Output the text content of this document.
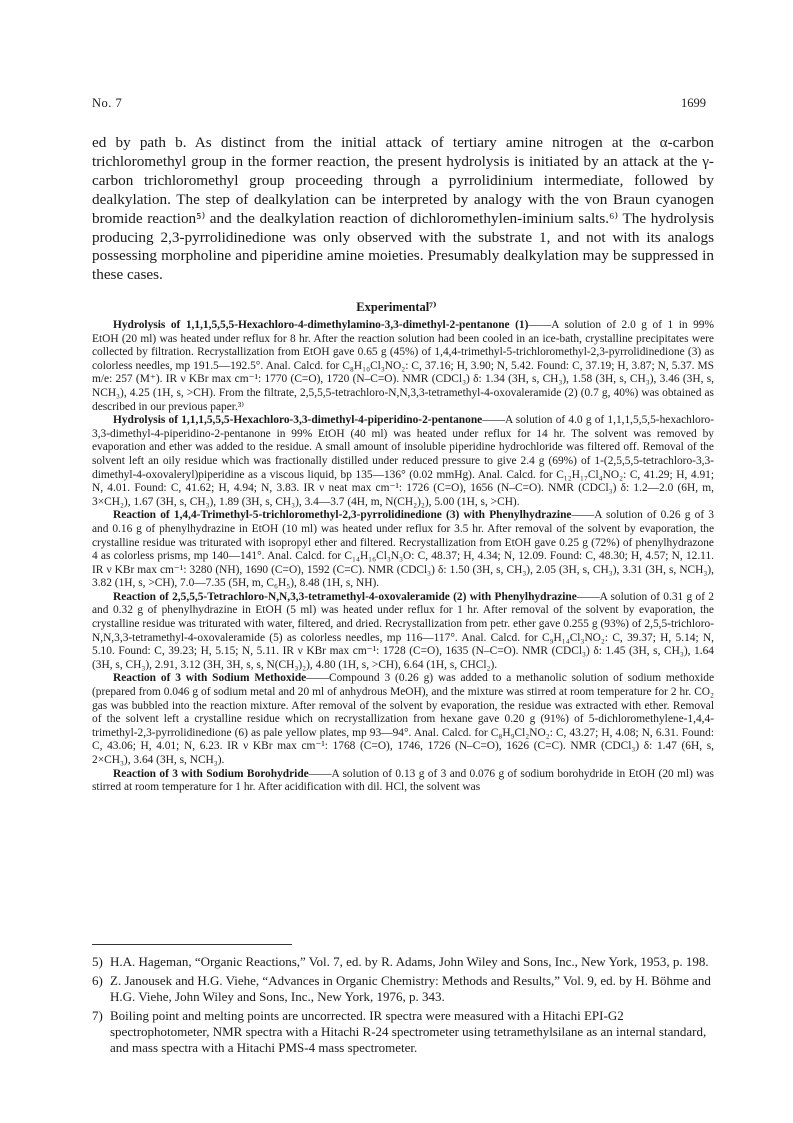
No. 7	1699
ed by path b. As distinct from the initial attack of tertiary amine nitrogen at the α-carbon trichloromethyl group in the former reaction, the present hydrolysis is initiated by an attack at the γ-carbon trichloromethyl group proceeding through a pyrrolidinium intermediate, followed by dealkylation. The step of dealkylation can be interpreted by analogy with the von Braun cyanogen bromide reaction⁵⁾ and the dealkylation reaction of dichloromethylen-iminium salts.⁶⁾ The hydrolysis producing 2,3-pyrrolidinedione was only observed with the substrate 1, and not with its analogs possessing morpholine and piperidine amine moieties. Presumably dealkylation may be suppressed in these cases.
Experimental⁷⁾

Hydrolysis of 1,1,1,5,5,5-Hexachloro-4-dimethylamino-3,3-dimethyl-2-pentanone (1)——A solution of 2.0 g of 1 in 99% EtOH (20 ml) was heated under reflux for 8 hr. After the reaction solution had been cooled in an ice-bath, crystalline precipitates were collected by filtration. Recrystallization from EtOH gave 0.65 g (45%) of 1,4,4-trimethyl-5-trichloromethyl-2,3-pyrrolidinedione (3) as colorless needles, mp 191.5—192.5°. Anal. Calcd. for C₈H₁₀Cl₃NO₂: C, 37.16; H, 3.90; N, 5.42. Found: C, 37.19; H, 3.87; N, 5.37. MS m/e: 257 (M⁺). IR ν KBr max cm⁻¹: 1770 (C=O), 1720 (N–C=O). NMR (CDCl₃) δ: 1.34 (3H, s, CH₃), 1.58 (3H, s, CH₃), 3.46 (3H, s, NCH₃), 4.25 (1H, s, >CH). From the filtrate, 2,5,5,5-tetrachloro-N,N,3,3-tetramethyl-4-oxovaleramide (2) (0.7 g, 40%) was obtained as described in our previous paper.³⁾

Hydrolysis of 1,1,1,5,5,5-Hexachloro-3,3-dimethyl-4-piperidino-2-pentanone——A solution of 4.0 g of 1,1,1,5,5,5-hexachloro-3,3-dimethyl-4-piperidino-2-pentanone in 99% EtOH (40 ml) was heated under reflux for 14 hr. The solvent was removed by evaporation and ether was added to the residue. A small amount of insoluble piperidine hydrochloride was filtered off. Removal of the solvent left an oily residue which was fractionally distilled under reduced pressure to give 2.4 g (69%) of 1-(2,5,5,5-tetrachloro-3,3-dimethyl-4-oxovaleryl)piperidine as a viscous liquid, bp 135—136° (0.02 mmHg). Anal. Calcd. for C₁₂H₁₇Cl₄NO₂: C, 41.29; H, 4.91; N, 4.01. Found: C, 41.62; H, 4.94; N, 3.83. IR ν neat max cm⁻¹: 1726 (C=O), 1656 (N–C=O). NMR (CDCl₃) δ: 1.2—2.0 (6H, m, 3×CH₂), 1.67 (3H, s, CH₃), 1.89 (3H, s, CH₃), 3.4—3.7 (4H, m, N(CH₂)₂), 5.00 (1H, s, >CH).

Reaction of 1,4,4-Trimethyl-5-trichloromethyl-2,3-pyrrolidinedione (3) with Phenylhydrazine——A solution of 0.26 g of 3 and 0.16 g of phenylhydrazine in EtOH (10 ml) was heated under reflux for 3.5 hr. After removal of the solvent by evaporation, the crystalline residue was triturated with isopropyl ether and filtered. Recrystallization from EtOH gave 0.25 g (72%) of phenylhydrazone 4 as colorless prisms, mp 140—141°. Anal. Calcd. for C₁₄H₁₆Cl₃N₃O: C, 48.37; H, 4.34; N, 12.09. Found: C, 48.30; H, 4.57; N, 12.11. IR ν KBr max cm⁻¹: 3280 (NH), 1690 (C=O), 1592 (C=C). NMR (CDCl₃) δ: 1.50 (3H, s, CH₃), 2.05 (3H, s, CH₃), 3.31 (3H, s, NCH₃), 3.82 (1H, s, >CH), 7.0—7.35 (5H, m, C₆H₅), 8.48 (1H, s, NH).

Reaction of 2,5,5,5-Tetrachloro-N,N,3,3-tetramethyl-4-oxovaleramide (2) with Phenylhydrazine——A solution of 0.31 g of 2 and 0.32 g of phenylhydrazine in EtOH (5 ml) was heated under reflux for 1 hr. After removal of the solvent by evaporation, the crystalline residue was triturated with water, filtered, and dried. Recrystallization from petr. ether gave 0.255 g (93%) of 2,5,5-trichloro-N,N,3,3-tetramethyl-4-oxovaleramide (5) as colorless needles, mp 116—117°. Anal. Calcd. for C₉H₁₄Cl₃NO₂: C, 39.37; H, 5.14; N, 5.10. Found: C, 39.23; H, 5.15; N, 5.11. IR ν KBr max cm⁻¹: 1728 (C=O), 1635 (N–C=O). NMR (CDCl₃) δ: 1.45 (3H, s, CH₃), 1.64 (3H, s, CH₃), 2.91, 3.12 (3H, 3H, s, s, N(CH₃)₂), 4.80 (1H, s, >CH), 6.64 (1H, s, CHCl₂).

Reaction of 3 with Sodium Methoxide——Compound 3 (0.26 g) was added to a methanolic solution of sodium methoxide (prepared from 0.046 g of sodium metal and 20 ml of anhydrous MeOH), and the mixture was stirred at room temperature for 2 hr. CO₂ gas was bubbled into the reaction mixture. After removal of the solvent by evaporation, the residue was extracted with ether. Removal of the solvent left a crystalline residue which on recrystallization from hexane gave 0.20 g (91%) of 5-dichloromethylene-1,4,4-trimethyl-2,3-pyrrolidinedione (6) as pale yellow plates, mp 93—94°. Anal. Calcd. for C₈H₉Cl₂NO₂: C, 43.27; H, 4.08; N, 6.31. Found: C, 43.06; H, 4.01; N, 6.23. IR ν KBr max cm⁻¹: 1768 (C=O), 1746, 1726 (N–C=O), 1626 (C=C). NMR (CDCl₃) δ: 1.47 (6H, s, 2×CH₃), 3.64 (3H, s, NCH₃).

Reaction of 3 with Sodium Borohydride——A solution of 0.13 g of 3 and 0.076 g of sodium borohydride in EtOH (20 ml) was stirred at room temperature for 1 hr. After acidification with dil. HCl, the solvent was

5) H.A. Hageman, “Organic Reactions,” Vol. 7, ed. by R. Adams, John Wiley and Sons, Inc., New York, 1953, p. 198.
6) Z. Janousek and H.G. Viehe, “Advances in Organic Chemistry: Methods and Results,” Vol. 9, ed. by H. Böhme and H.G. Viehe, John Wiley and Sons, Inc., New York, 1976, p. 343.
7) Boiling point and melting points are uncorrected. IR spectra were measured with a Hitachi EPI-G2 spectrophotometer, NMR spectra with a Hitachi R-24 spectrometer using tetramethylsilane as an internal standard, and mass spectra with a Hitachi PMS-4 mass spectrometer.
